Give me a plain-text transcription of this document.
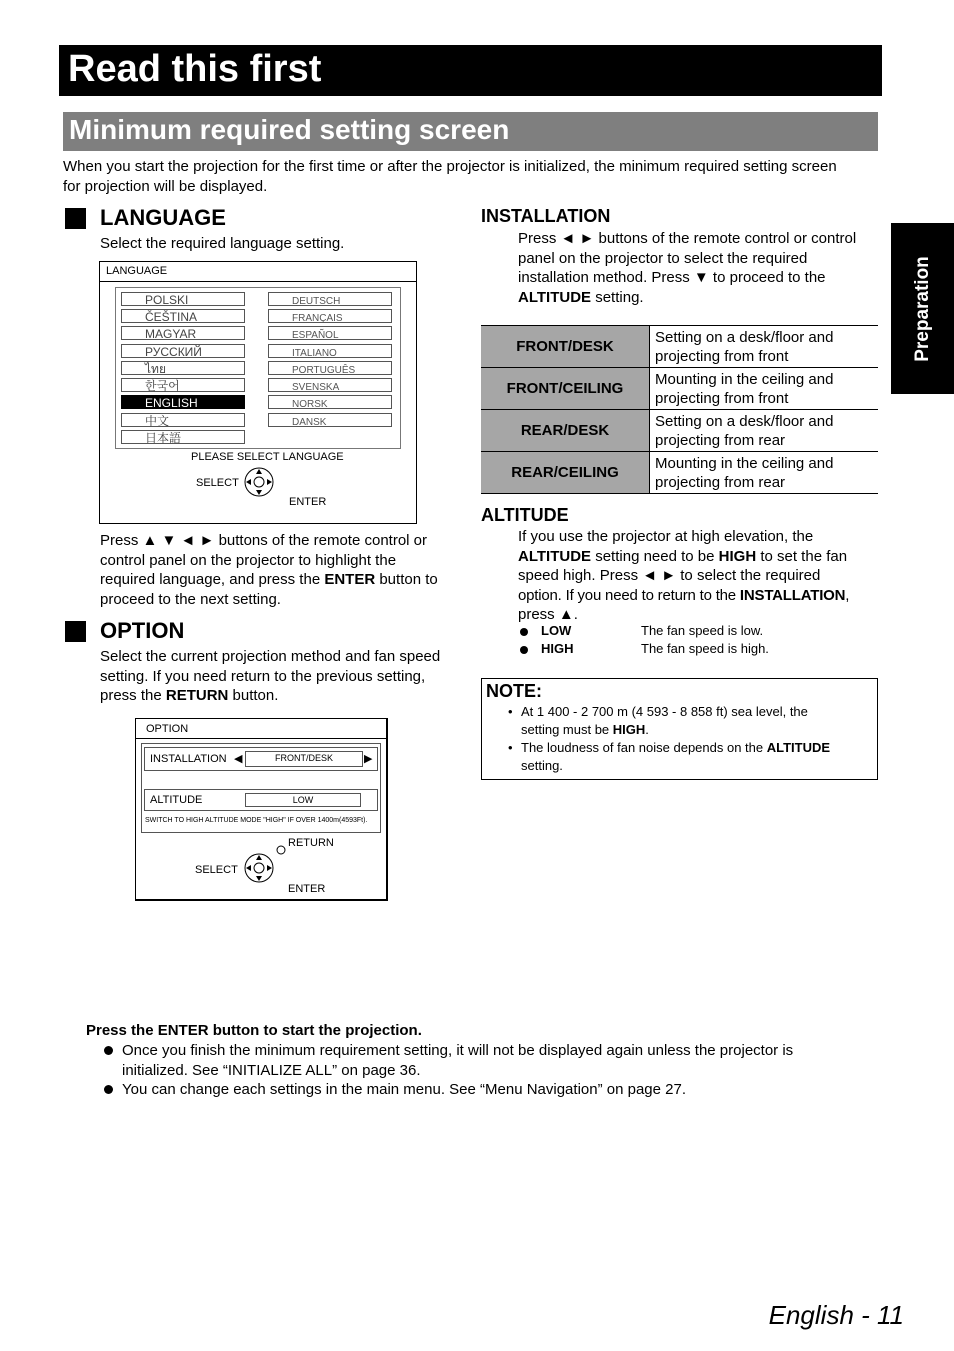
Read this first
Minimum required setting screen
Preparation
When you start the projection for the first time or after the projector is initialized, the minimum required setting screen
for projection will be displayed.
LANGUAGE
Select the required language setting.
LANGUAGE
POLSKI
ČEŠTINA
MAGYAR
РУССКИЙ
ไทย
한국어
ENGLISH
中文
日本語
DEUTSCH
FRANÇAIS
ESPAÑOL
ITALIANO
PORTUGUÊS
SVENSKA
NORSK
DANSK
PLEASE SELECT LANGUAGE
SELECT
ENTER
Press ▲ ▼ ◄ ► buttons of the remote control or
control panel on the projector to highlight the
required language, and press the ENTER button to
proceed to the next setting.
OPTION
Select the current projection method and fan speed
setting. If you need return to the previous setting,
press the RETURN button.
OPTION
INSTALLATION ◀	FRONT/DESK	▶
ALTITUDE	LOW
SWITCH TO HIGH ALTITUDE MODE "HIGH" IF OVER 1400m(4593Ft).
RETURN
SELECT
ENTER
INSTALLATION
Press ◄ ► buttons of the remote control or control
panel on the projector to select the required
installation method. Press ▼ to proceed to the
ALTITUDE setting.
FRONT/DESK	Setting on a desk/floor and
projecting from front

FRONT/CEILING	Mounting in the ceiling and
projecting from front

REAR/DESK	Setting on a desk/floor and
projecting from rear

REAR/CEILING	Mounting in the ceiling and
projecting from rear
ALTITUDE
If you use the projector at high elevation, the
ALTITUDE setting need to be HIGH to set the fan
speed high. Press ◄ ► to select the required
option. If you need to return to the INSTALLATION,
press ▲.
LOW	The fan speed is low.
HIGH	The fan speed is high.
NOTE:
• At 1 400 - 2 700 m (4 593 - 8 858 ft) sea level, the
setting must be HIGH.
• The loudness of fan noise depends on the ALTITUDE
setting.
Press the ENTER button to start the projection.
Once you finish the minimum requirement setting, it will not be displayed again unless the projector is
initialized. See “INITIALIZE ALL” on page 36.
You can change each settings in the main menu. See “Menu Navigation” on page 27.
English - 11
